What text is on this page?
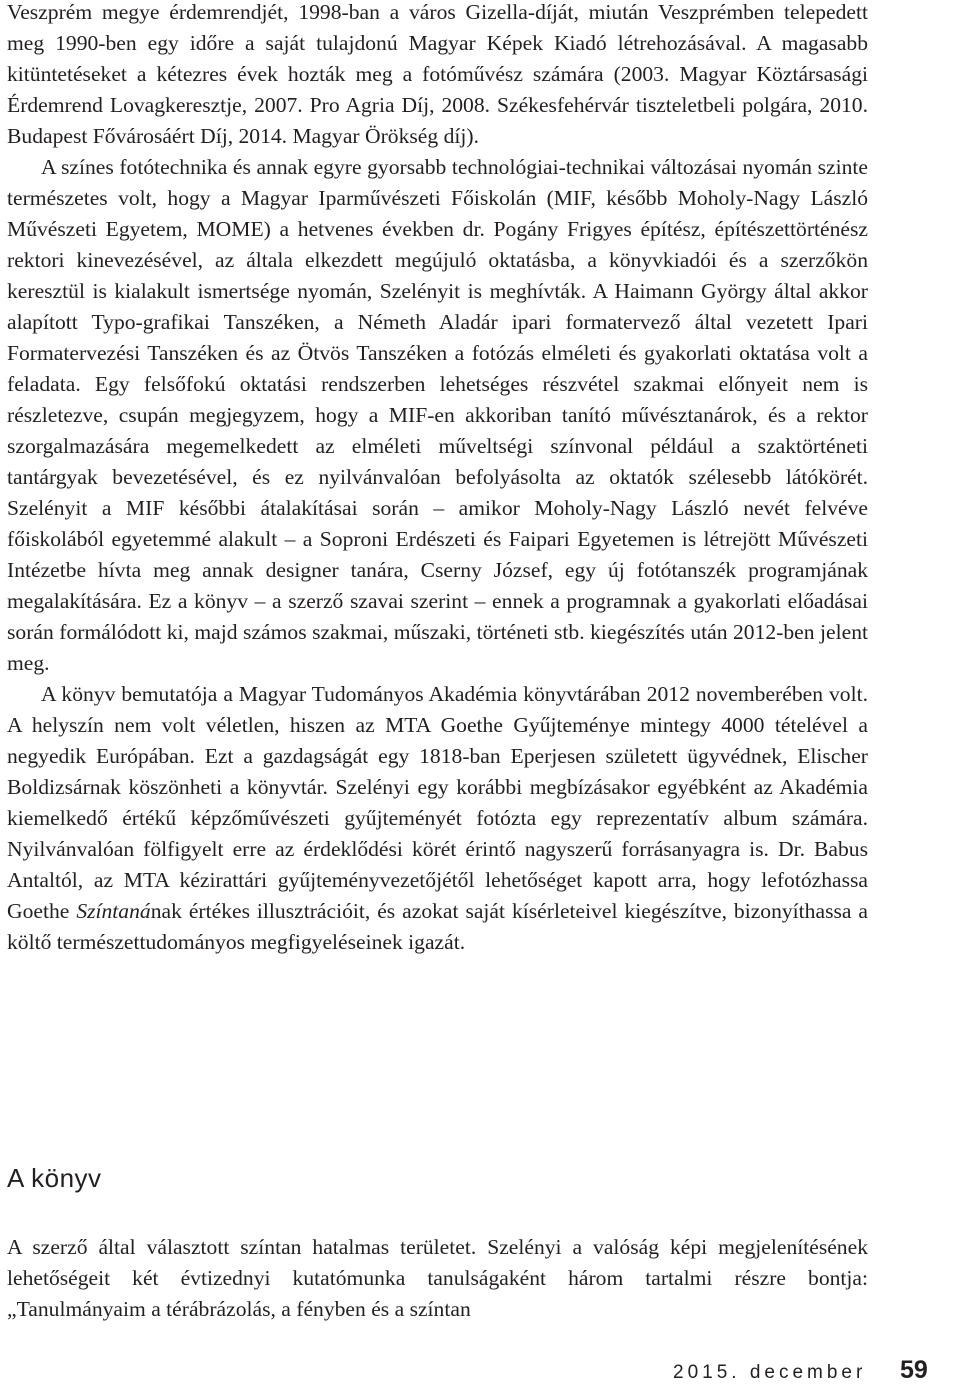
Veszprém megye érdemrendjét, 1998-ban a város Gizella-díját, miután Veszprémben telepedett meg 1990-ben egy időre a saját tulajdonú Magyar Képek Kiadó létrehozásával. A magasabb kitüntetéseket a kétezres évek hozták meg a fotóművész számára (2003. Magyar Köztársasági Érdemrend Lovagkeresztje, 2007. Pro Agria Díj, 2008. Székesfehérvár tiszteletbeli polgára, 2010. Budapest Fővárosáért Díj, 2014. Magyar Örökség díj).

A színes fotótechnika és annak egyre gyorsabb technológiai-technikai változásai nyomán szinte természetes volt, hogy a Magyar Iparművészeti Főiskolán (MIF, később Moholy-Nagy László Művészeti Egyetem, MOME) a hetvenes években dr. Pogány Frigyes építész, építészettörténész rektori kinevezésével, az általa elkezdett megújuló oktatásba, a könyvkiadói és a szerzőkön keresztül is kialakult ismertsége nyomán, Szelényit is meghívták. A Haimann György által akkor alapított Typo-grafikai Tanszéken, a Németh Aladár ipari formatervező által vezetett Ipari Formatervezési Tanszéken és az Ötvös Tanszéken a fotózás elméleti és gyakorlati oktatása volt a feladata. Egy felsőfokú oktatási rendszerben lehetséges részvétel szakmai előnyeit nem is részletezve, csupán megjegyzem, hogy a MIF-en akkoriban tanító művésztanárok, és a rektor szorgalmazására megemelkedett az elméleti műveltségi színvonal például a szaktörténeti tantárgyak bevezetésével, és ez nyilvánvalóan befolyásolta az oktatók szélesebb látókörét. Szelényit a MIF későbbi átalakításai során – amikor Moholy-Nagy László nevét felvéve főiskolából egyetemmé alakult – a Soproni Erdészeti és Faipari Egyetemen is létrejött Művészeti Intézetbe hívta meg annak designer tanára, Cserny József, egy új fotótanszék programjának megalakítására. Ez a könyv – a szerző szavai szerint – ennek a programnak a gyakorlati előadásai során formálódott ki, majd számos szakmai, műszaki, történeti stb. kiegészítés után 2012-ben jelent meg.

A könyv bemutatója a Magyar Tudományos Akadémia könyvtárában 2012 novemberében volt. A helyszín nem volt véletlen, hiszen az MTA Goethe Gyűjteménye mintegy 4000 tételével a negyedik Európában. Ezt a gazdagságát egy 1818-ban Eperjesen született ügyvédnek, Elischer Boldizsárnak köszönheti a könyvtár. Szelényi egy korábbi megbízásakor egyébként az Akadémia kiemelkedő értékű képzőművészeti gyűjteményét fotózta egy reprezentatív album számára. Nyilvánvalóan fölfigyelt erre az érdeklődési körét érintő nagyszerű forrásanyagra is. Dr. Babus Antaltól, az MTA kézirattári gyűjteményvezetőjétől lehetőséget kapott arra, hogy lefotózhassa Goethe Színtanának értékes illusztrációit, és azokat saját kísérleteivel kiegészítve, bizonyíthassa a költő természettudományos megfigyeléseinek igazát.

A könyv

A szerző által választott színtan hatalmas területet. Szelényi a valóság képi megjelenítésének lehetőségeit két évtizednyi kutatómunka tanulságaként három tartalmi részre bontja: „Tanulmányaim a térábrázolás, a fényben és a színtan

2015. december 59
